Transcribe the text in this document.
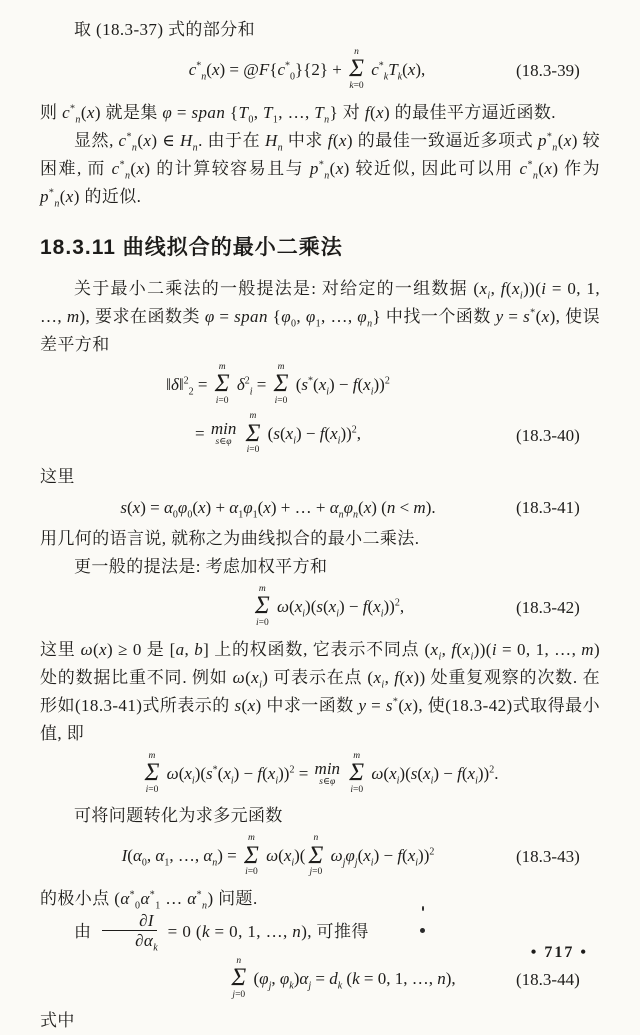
取 (18.3-37) 式的部分和

$c^*_n(x)$ = $@F\{c^*_0\}\{2\}$ +
n
Σ
k=0
$c^*_kT_k(x)$,	(18.3-39)

则 $c^*_n(x)$ 就是集 φ = span {$T_0$, $T_1$, …, $T_n$} 对 f(x) 的最佳平方逼近函数.

显然, $c^*_n(x)$ ∈ $H_n$. 由于在 $H_n$ 中求 f(x) 的最佳一致逼近多项式 $p^*_n(x)$ 较困难, 而 $c^*_n(x)$ 的计算较容易且与 $p^*_n(x)$ 较近似, 因此可以用 $c^*_n(x)$ 作为 $p^*_n(x)$ 的近似.

18.3.11 曲线拟合的最小二乘法

关于最小二乘法的一般提法是: 对给定的一组数据 ($x_i$, $f(x_i))(i = 0$, 1, …, m), 要求在函数类 φ = span {$\varphi_0$, $\varphi_1$, …, $\varphi_n$} 中找一个函数 y = s*(x), 使误差平方和

‖δ‖$^2_2$ =
m
Σ
i=0
$\delta^2_i$ =
m
Σ
i=0
$(s^*(x_i) - f(x_i))^2$
= min
s∈φ

m
Σ
i=0
$(s(x_i) - f(x_i))^2$,	(18.3-40)

这里

$s(x) = \alpha_0\varphi_0(x) + \alpha_1\varphi_1(x)$ + … + $\alpha_n\varphi_n(x) (n < m)$.	(18.3-41)

用几何的语言说, 就称之为曲线拟合的最小二乘法.

更一般的提法是: 考虑加权平方和

m
Σ
i=0
$\omega(x_i)(s(x_i) - f(x_i))^2$,	(18.3-42)

这里 ω(x) ≥ 0 是 [a, b] 上的权函数, 它表示不同点 ($x_i$, $f(x_i))(i = 0$, 1, …, m) 处的数据比重不同. 例如 $\omega(x_i)$ 可表示在点 ($x_i$, f(x)) 处重复观察的次数. 在形如(18.3-41)式所表示的 s(x) 中求一函数 y = s*(x), 使(18.3-42)式取得最小值, 即

m
Σ
i=0
$\omega(x_i)(s^*(x_i) - f(x_i))^2 = \min$
s∈φ

m
Σ
i=0
$\omega(x_i)(s(x_i) - f(x_i))^2$.

可将问题转化为求多元函数

$I(\alpha_0$, $\alpha_1$, …, $\alpha_n$) =
m
Σ
i=0
$\omega(x_i)$(
n
Σ
j=0
$\omega_j\varphi_j(x_i) - f(x_i))^2$	(18.3-43)

的极小点 ($\alpha^*_0\alpha^*_1$ … $\alpha^*_n$) 问题.

由 $\frac{\partial I}{\partial\alpha_k} = 0$ (k = 0, 1, …, n), 可推得

n
Σ
j=0
($\varphi_j$, $\varphi_k)\alpha_j = d_k$ (k = 0, 1, …, n),	(18.3-44)

式中

• 717 •
